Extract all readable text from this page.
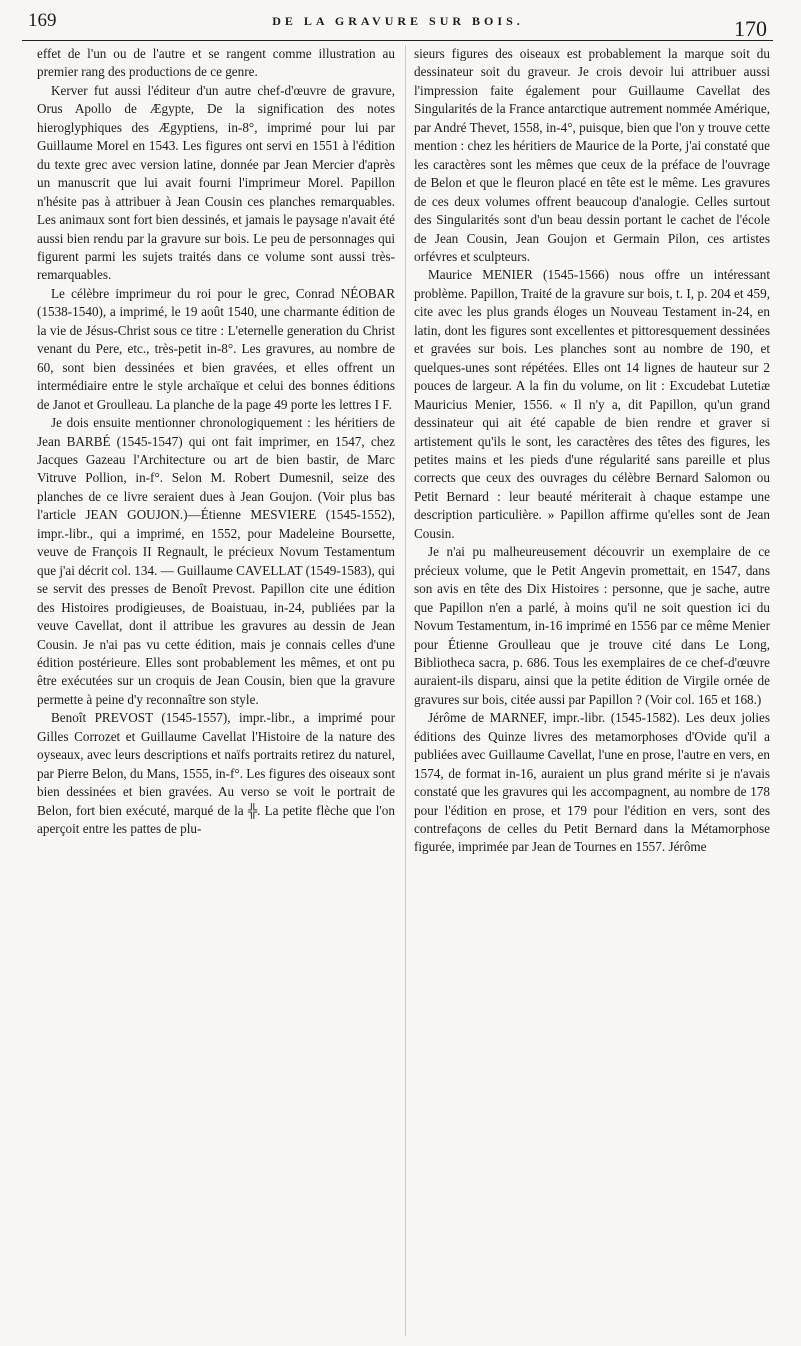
169	DE LA GRAVURE SUR BOIS.	170

effet de l'un ou de l'autre et se rangent comme illustration au premier rang des productions de ce genre.

Kerver fut aussi l'éditeur d'un autre chef-d'œuvre de gravure, Orus Apollo de Ægypte, De la signification des notes hieroglyphiques des Ægyptiens, in-8°, imprimé pour lui par Guillaume Morel en 1543. Les figures ont servi en 1551 à l'édition du texte grec avec version latine, donnée par Jean Mercier d'après un manuscrit que lui avait fourni l'imprimeur Morel. Papillon n'hésite pas à attribuer à Jean Cousin ces planches remarquables. Les animaux sont fort bien dessinés, et jamais le paysage n'avait été aussi bien rendu par la gravure sur bois. Le peu de personnages qui figurent parmi les sujets traités dans ce volume sont aussi très-remarquables.

Le célèbre imprimeur du roi pour le grec, Conrad NÉOBAR (1538-1540), a imprimé, le 19 août 1540, une charmante édition de la vie de Jésus-Christ sous ce titre : L'eternelle generation du Christ venant du Pere, etc., très-petit in-8°. Les gravures, au nombre de 60, sont bien dessinées et bien gravées, et elles offrent un intermédiaire entre le style archaïque et celui des bonnes éditions de Janot et Groulleau. La planche de la page 49 porte les lettres I F.

Je dois ensuite mentionner chronologiquement : les héritiers de Jean BARBÉ (1545-1547) qui ont fait imprimer, en 1547, chez Jacques Gazeau l'Architecture ou art de bien bastir, de Marc Vitruve Pollion, in-f°. Selon M. Robert Dumesnil, seize des planches de ce livre seraient dues à Jean Goujon. (Voir plus bas l'article JEAN GOUJON.)—Étienne MESVIERE (1545-1552), impr.-libr., qui a imprimé, en 1552, pour Madeleine Boursette, veuve de François II Regnault, le précieux Novum Testamentum que j'ai décrit col. 134. — Guillaume CAVELLAT (1549-1583), qui se servit des presses de Benoît Prevost. Papillon cite une édition des Histoires prodigieuses, de Boaistuau, in-24, publiées par la veuve Cavellat, dont il attribue les gravures au dessin de Jean Cousin. Je n'ai pas vu cette édition, mais je connais celles d'une édition postérieure. Elles sont probablement les mêmes, et ont pu être exécutées sur un croquis de Jean Cousin, bien que la gravure permette à peine d'y reconnaître son style.

Benoît PREVOST (1545-1557), impr.-libr., a imprimé pour Gilles Corrozet et Guillaume Cavellat l'Histoire de la nature des oyseaux, avec leurs descriptions et naïfs portraits retirez du naturel, par Pierre Belon, du Mans, 1555, in-f°. Les figures des oiseaux sont bien dessinées et bien gravées. Au verso se voit le portrait de Belon, fort bien exécuté, marqué de la ╬. La petite flèche que l'on aperçoit entre les pattes de plu-

sieurs figures des oiseaux est probablement la marque soit du dessinateur soit du graveur. Je crois devoir lui attribuer aussi l'impression faite également pour Guillaume Cavellat des Singularités de la France antarctique autrement nommée Amérique, par André Thevet, 1558, in-4°, puisque, bien que l'on y trouve cette mention : chez les héritiers de Maurice de la Porte, j'ai constaté que les caractères sont les mêmes que ceux de la préface de l'ouvrage de Belon et que le fleuron placé en tête est le même. Les gravures de ces deux volumes offrent beaucoup d'analogie. Celles surtout des Singularités sont d'un beau dessin portant le cachet de l'école de Jean Cousin, Jean Goujon et Germain Pilon, ces artistes orfévres et sculpteurs.

Maurice MENIER (1545-1566) nous offre un intéressant problème. Papillon, Traité de la gravure sur bois, t. I, p. 204 et 459, cite avec les plus grands éloges un Nouveau Testament in-24, en latin, dont les figures sont excellentes et pittoresquement dessinées et gravées sur bois. Les planches sont au nombre de 190, et quelques-unes sont répétées. Elles ont 14 lignes de hauteur sur 2 pouces de largeur. A la fin du volume, on lit : Excudebat Lutetiæ Mauricius Menier, 1556. « Il n'y a, dit Papillon, qu'un grand dessinateur qui ait été capable de bien rendre et graver si artistement qu'ils le sont, les caractères des têtes des figures, les petites mains et les pieds d'une régularité sans pareille et plus corrects que ceux des ouvrages du célèbre Bernard Salomon ou Petit Bernard : leur beauté mériterait à chaque estampe une description particulière. » Papillon affirme qu'elles sont de Jean Cousin.

Je n'ai pu malheureusement découvrir un exemplaire de ce précieux volume, que le Petit Angevin promettait, en 1547, dans son avis en tête des Dix Histoires : personne, que je sache, autre que Papillon n'en a parlé, à moins qu'il ne soit question ici du Novum Testamentum, in-16 imprimé en 1556 par ce même Menier pour Étienne Groulleau que je trouve cité dans Le Long, Bibliotheca sacra, p. 686. Tous les exemplaires de ce chef-d'œuvre auraient-ils disparu, ainsi que la petite édition de Virgile ornée de gravures sur bois, citée aussi par Papillon ? (Voir col. 165 et 168.)

Jérôme de MARNEF, impr.-libr. (1545-1582). Les deux jolies éditions des Quinze livres des metamorphoses d'Ovide qu'il a publiées avec Guillaume Cavellat, l'une en prose, l'autre en vers, en 1574, de format in-16, auraient un plus grand mérite si je n'avais constaté que les gravures qui les accompagnent, au nombre de 178 pour l'édition en prose, et 179 pour l'édition en vers, sont des contrefaçons de celles du Petit Bernard dans la Métamorphose figurée, imprimée par Jean de Tournes en 1557. Jérôme
